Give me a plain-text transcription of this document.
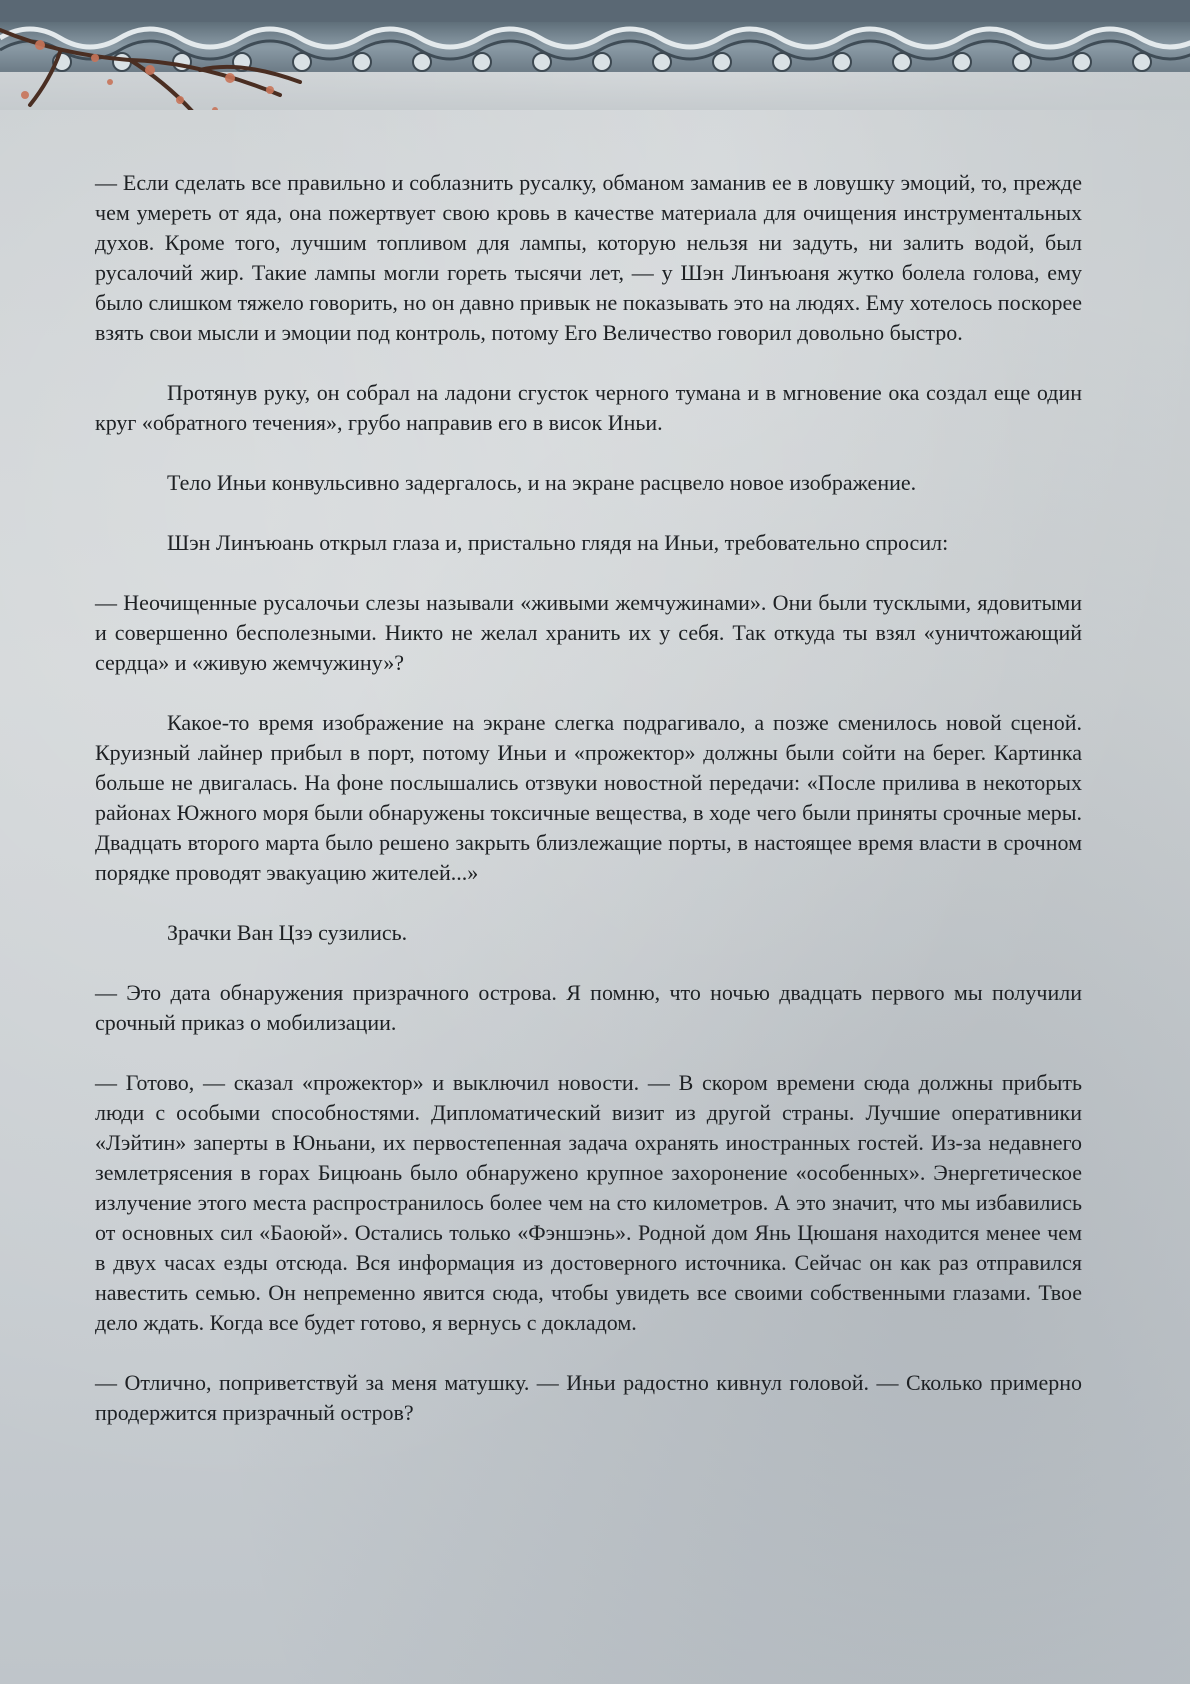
— Если сделать все правильно и соблазнить русалку, обманом заманив ее в ловушку эмоций, то, прежде чем умереть от яда, она пожертвует свою кровь в качестве материала для очищения инструментальных духов. Кроме того, лучшим топливом для лампы, которую нельзя ни задуть, ни залить водой, был русалочий жир. Такие лампы могли гореть тысячи лет, — у Шэн Линъюаня жутко болела голова, ему было слишком тяжело говорить, но он давно привык не показывать это на людях. Ему хотелось поскорее взять свои мысли и эмоции под контроль, потому Его Величество говорил довольно быстро.

Протянув руку, он собрал на ладони сгусток черного тумана и в мгновение ока создал еще один круг «обратного течения», грубо направив его в висок Иньи.

Тело Иньи конвульсивно задергалось, и на экране расцвело новое изображение.

Шэн Линъюань открыл глаза и, пристально глядя на Иньи, требовательно спросил:

— Неочищенные русалочьи слезы называли «живыми жемчужинами». Они были тусклыми, ядовитыми и совершенно бесполезными. Никто не желал хранить их у себя. Так откуда ты взял «уничтожающий сердца» и «живую жемчужину»?

Какое-то время изображение на экране слегка подрагивало, а позже сменилось новой сценой. Круизный лайнер прибыл в порт, потому Иньи и «прожектор» должны были сойти на берег. Картинка больше не двигалась. На фоне послышались отзвуки новостной передачи: «После прилива в некоторых районах Южного моря были обнаружены токсичные вещества, в ходе чего были приняты срочные меры. Двадцать второго марта было решено закрыть близлежащие порты, в настоящее время власти в срочном порядке проводят эвакуацию жителей...»

Зрачки Ван Цзэ сузились.

— Это дата обнаружения призрачного острова. Я помню, что ночью двадцать первого мы получили срочный приказ о мобилизации.

— Готово, — сказал «прожектор» и выключил новости. — В скором времени сюда должны прибыть люди с особыми способностями. Дипломатический визит из другой страны. Лучшие оперативники «Лэйтин» заперты в Юньани, их первостепенная задача охранять иностранных гостей. Из-за недавнего землетрясения в горах Бицюань было обнаружено крупное захоронение «особенных». Энергетическое излучение этого места распространилось более чем на сто километров. А это значит, что мы избавились от основных сил «Баоюй». Остались только «Фэншэнь». Родной дом Янь Цюшаня находится менее чем в двух часах езды отсюда. Вся информация из достоверного источника. Сейчас он как раз отправился навестить семью. Он непременно явится сюда, чтобы увидеть все своими собственными глазами. Твое дело ждать. Когда все будет готово, я вернусь с докладом.

— Отлично, поприветствуй за меня матушку. — Иньи радостно кивнул головой. — Сколько примерно продержится призрачный остров?
